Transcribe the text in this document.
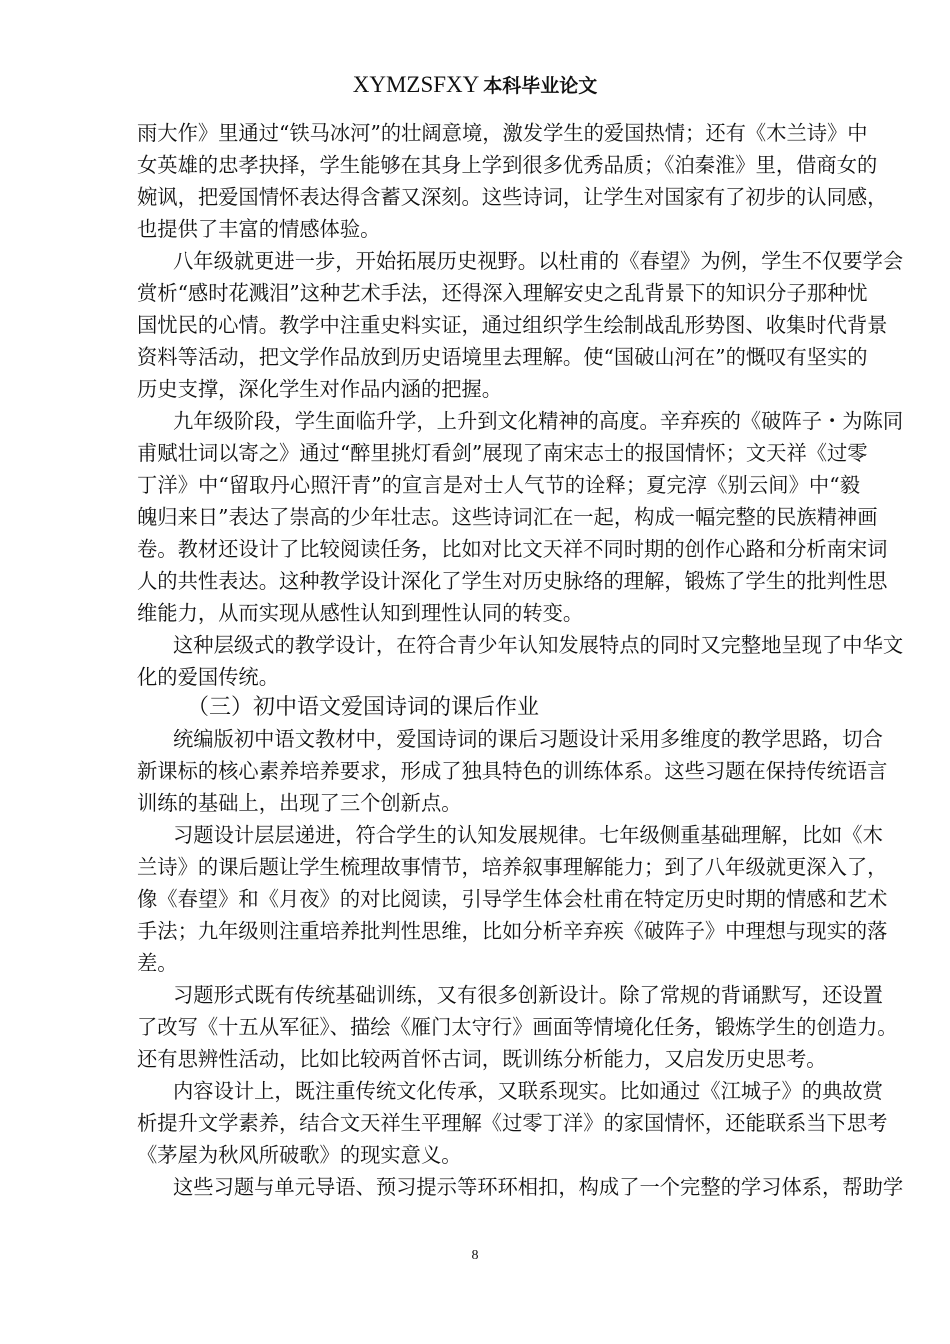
XYMZSFXY 本科毕业论文
雨大作》里通过“铁马冰河”的壮阔意境，激发学生的爱国热情；还有《木兰诗》中
女英雄的忠孝抉择，学生能够在其身上学到很多优秀品质；《泊秦淮》里，借商女的
婉讽，把爱国情怀表达得含蓄又深刻。这些诗词，让学生对国家有了初步的认同感，
也提供了丰富的情感体验。
八年级就更进一步，开始拓展历史视野。以杜甫的《春望》为例，学生不仅要学会
赏析“感时花溅泪”这种艺术手法，还得深入理解安史之乱背景下的知识分子那种忧
国忧民的心情。教学中注重史料实证，通过组织学生绘制战乱形势图、收集时代背景
资料等活动，把文学作品放到历史语境里去理解。使“国破山河在”的慨叹有坚实的
历史支撑，深化学生对作品内涵的把握。
九年级阶段，学生面临升学，上升到文化精神的高度。辛弃疾的《破阵子・为陈同
甫赋壮词以寄之》通过“醉里挑灯看剑”展现了南宋志士的报国情怀；文天祥《过零
丁洋》中“留取丹心照汗青”的宣言是对士人气节的诠释；夏完淳《别云间》中“毅
魄归来日”表达了崇高的少年壮志。这些诗词汇在一起，构成一幅完整的民族精神画
卷。教材还设计了比较阅读任务，比如对比文天祥不同时期的创作心路和分析南宋词
人的共性表达。这种教学设计深化了学生对历史脉络的理解，锻炼了学生的批判性思
维能力，从而实现从感性认知到理性认同的转变。
这种层级式的教学设计，在符合青少年认知发展特点的同时又完整地呈现了中华文
化的爱国传统。
（三）初中语文爱国诗词的课后作业
统编版初中语文教材中，爱国诗词的课后习题设计采用多维度的教学思路，切合
新课标的核心素养培养要求，形成了独具特色的训练体系。这些习题在保持传统语言
训练的基础上，出现了三个创新点。
习题设计层层递进，符合学生的认知发展规律。七年级侧重基础理解，比如《木
兰诗》的课后题让学生梳理故事情节，培养叙事理解能力；到了八年级就更深入了，
像《春望》和《月夜》的对比阅读，引导学生体会杜甫在特定历史时期的情感和艺术
手法；九年级则注重培养批判性思维，比如分析辛弃疾《破阵子》中理想与现实的落
差。
习题形式既有传统基础训练，又有很多创新设计。除了常规的背诵默写，还设置
了改写《十五从军征》、描绘《雁门太守行》画面等情境化任务，锻炼学生的创造力。
还有思辨性活动，比如比较两首怀古词，既训练分析能力，又启发历史思考。
内容设计上，既注重传统文化传承，又联系现实。比如通过《江城子》的典故赏
析提升文学素养，结合文天祥生平理解《过零丁洋》的家国情怀，还能联系当下思考
《茅屋为秋风所破歌》的现实意义。
这些习题与单元导语、预习提示等环环相扣，构成了一个完整的学习体系，帮助学
8
